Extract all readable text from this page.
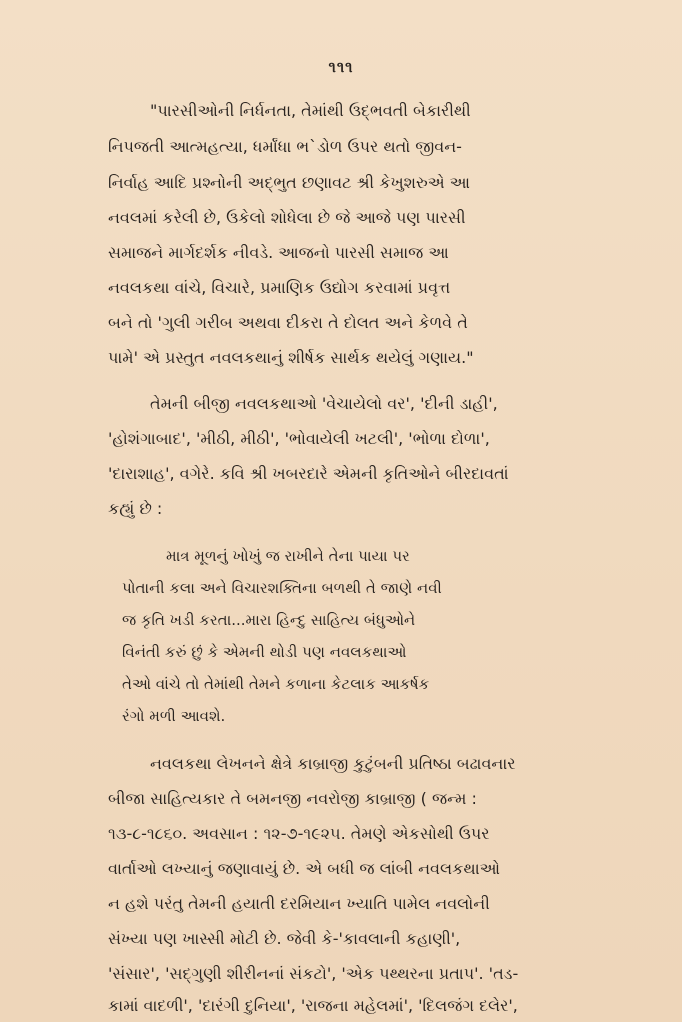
૧૧૧
"પારસીઓની નિર્ધનતા, તેમાંથી ઉદ્ભવતી બેકારીથી
નિપજતી આત્મહત્યા, ધર્માંધા ભ`ડોળ ઉપર થતો જીવન-
નિર્વાહ આદિ પ્રશ્નોની અદ્ભુત છણાવટ શ્રી કેખુશરુએ આ
નવલમાં કરેલી છે, ઉકેલો શોધેલા છે જે આજે પણ પારસી
સમાજને માર્ગદર્શક નીવડે. આજનો પારસી સમાજ આ
નવલકથા વાંચે, વિચારે, પ્રમાણિક ઉદ્યોગ કરવામાં પ્રવૃત્ત
બને તો 'ગુલી ગરીબ અથવા દીકરા તે દોલત અને કેળવે તે
પામે' એ પ્રસ્તુત નવલકથાનું શીર્ષક સાર્થક થયેલું ગણાય."
તેમની બીજી નવલકથાઓ 'વેચાયેલો વર', 'દીની ડાહી',
'હોશંગાબાદ', 'મીઠી, મીઠી', 'ભોવાયેલી ખટલી', 'ભોળા દોળા',
'દારાશાહ', વગેરે. કવિ શ્રી ખબરદારે એમની કૃતિઓને બીરદાવતાં
કહ્યું છે :
માત્ર મૂળનું ખોખું જ રાખીને તેના પાયા પર
પોતાની કલા અને વિચારશક્તિના બળથી તે જાણે નવી
જ કૃતિ ખડી કરતા...મારા હિન્દુ સાહિત્ય બંધુઓને
વિનંતી કરું છું કે એમની થોડી પણ નવલકથાઓ
તેઓ વાંચે તો તેમાંથી તેમને કળાના કેટલાક આકર્ષક
રંગો મળી આવશે.
નવલકથા લેખનને ક્ષેત્રે કાબ્રાજી કુટુંબની પ્રતિષ્ઠા બઢાવનાર
બીજા સાહિત્યકાર તે બમનજી નવરોજી કાબ્રાજી ( જન્મ :
૧૩-૮-૧૮૬૦. અવસાન : ૧૨-૭-૧૯૨૫. તેમણે એકસોથી ઉપર
વાર્તાઓ લખ્યાનું જણાવાયું છે. એ બધી જ લાંબી નવલકથાઓ
ન હશે પરંતુ તેમની હયાતી દરમિયાન ખ્યાતિ પામેલ નવલોની
સંખ્યા પણ ખાસ્સી મોટી છે. જેવી કે-'કાવલાની કહાણી',
'સંસાર', 'સદ્ગુણી શીરીનનાં સંકટો', 'એક પથ્થરના પ્રતાપ'. 'તડ-
કામાં વાદળી', 'દારંગી દુનિયા', 'રાજના મહેલમાં', 'દિલજંગ દલેર',
